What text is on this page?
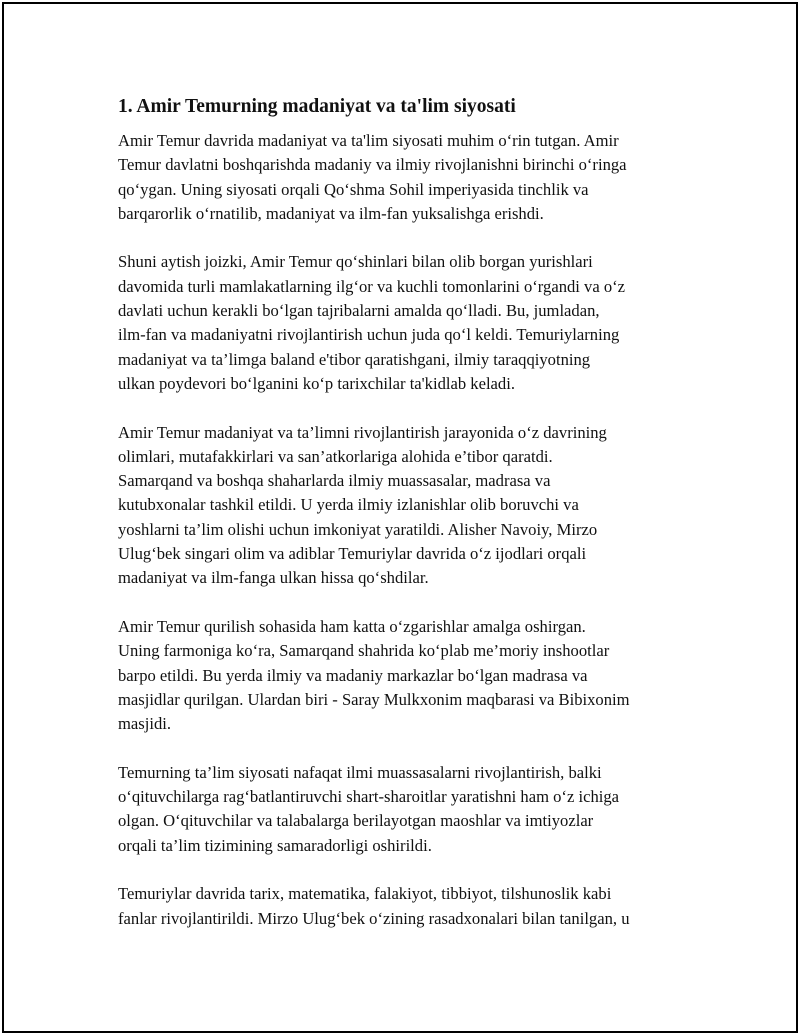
1. Amir Temurning madaniyat va ta'lim siyosati

Amir Temur davrida madaniyat va ta'lim siyosati muhim o‘rin tutgan. Amir
Temur davlatni boshqarishda madaniy va ilmiy rivojlanishni birinchi o‘ringa
qo‘ygan. Uning siyosati orqali Qo‘shma Sohil imperiyasida tinchlik va
barqarorlik o‘rnatilib, madaniyat va ilm-fan yuksalishga erishdi.

Shuni aytish joizki, Amir Temur qo‘shinlari bilan olib borgan yurishlari
davomida turli mamlakatlarning ilg‘or va kuchli tomonlarini o‘rgandi va o‘z
davlati uchun kerakli bo‘lgan tajribalarni amalda qo‘lladi. Bu, jumladan,
ilm-fan va madaniyatni rivojlantirish uchun juda qo‘l keldi. Temuriylarning
madaniyat va ta’limga baland e'tibor qaratishgani, ilmiy taraqqiyotning
ulkan poydevori bo‘lganini ko‘p tarixchilar ta'kidlab keladi.

Amir Temur madaniyat va ta’limni rivojlantirish jarayonida o‘z davrining
olimlari, mutafakkirlari va san’atkorlariga alohida e’tibor qaratdi.
Samarqand va boshqa shaharlarda ilmiy muassasalar, madrasa va
kutubxonalar tashkil etildi. U yerda ilmiy izlanishlar olib boruvchi va
yoshlarni ta’lim olishi uchun imkoniyat yaratildi. Alisher Navoiy, Mirzo
Ulug‘bek singari olim va adiblar Temuriylar davrida o‘z ijodlari orqali
madaniyat va ilm-fanga ulkan hissa qo‘shdilar.

Amir Temur qurilish sohasida ham katta o‘zgarishlar amalga oshirgan.
Uning farmoniga ko‘ra, Samarqand shahrida ko‘plab me’moriy inshootlar
barpo etildi. Bu yerda ilmiy va madaniy markazlar bo‘lgan madrasa va
masjidlar qurilgan. Ulardan biri - Saray Mulkxonim maqbarasi va Bibixonim
masjidi.

Temurning ta’lim siyosati nafaqat ilmi muassasalarni rivojlantirish, balki
o‘qituvchilarga rag‘batlantiruvchi shart-sharoitlar yaratishni ham o‘z ichiga
olgan. O‘qituvchilar va talabalarga berilayotgan maoshlar va imtiyozlar
orqali ta’lim tizimining samaradorligi oshirildi.

Temuriylar davrida tarix, matematika, falakiyot, tibbiyot, tilshunoslik kabi
fanlar rivojlantirildi. Mirzo Ulug‘bek o‘zining rasadxonalari bilan tanilgan, u
